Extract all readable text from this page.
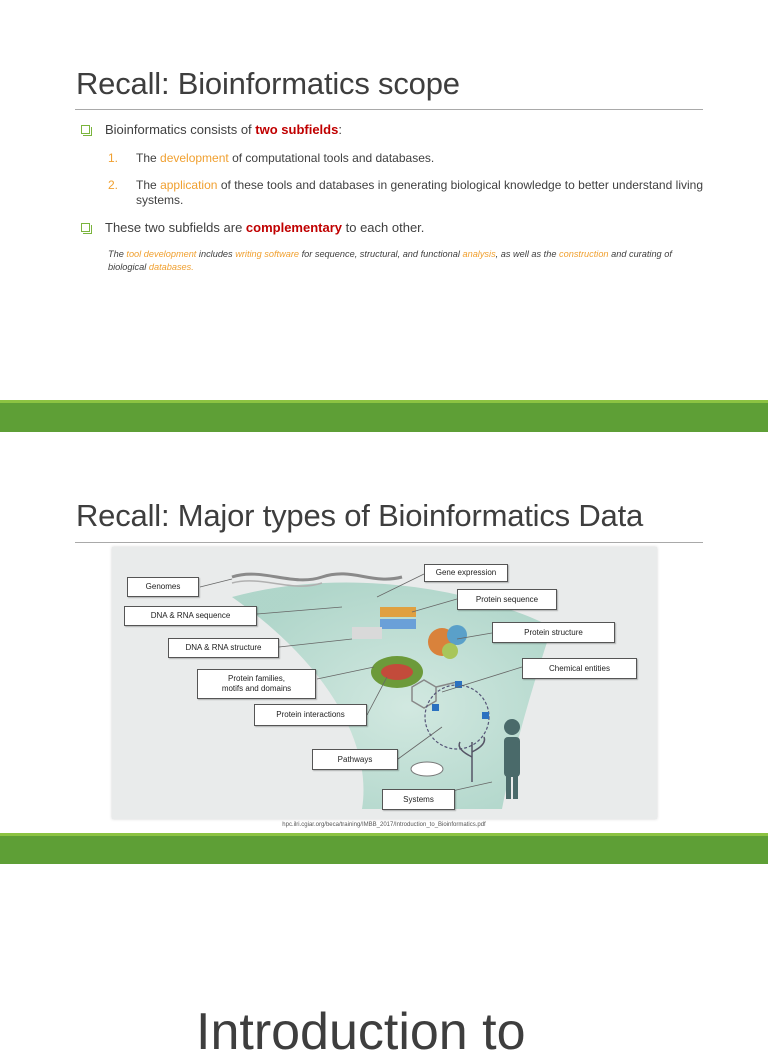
Recall: Bioinformatics scope
Bioinformatics consists of two subfields:
1.	The development of computational tools and databases.
2.	The application of these tools and databases in generating biological knowledge to better understand living systems.
These two subfields are complementary to each other.

The tool development includes writing software for sequence, structural, and functional analysis, as well as the construction and curating of biological databases.

Recall: Major types of Bioinformatics Data
Genomes
Gene expression
DNA & RNA sequence
Protein sequence
DNA & RNA structure
Protein structure
Chemical entities
Protein families,
motifs and domains
Protein interactions
Pathways
Systems
hpc.ilri.cgiar.org/beca/training/IMBB_2017/Introduction_to_Bioinformatics.pdf
Introduction to
